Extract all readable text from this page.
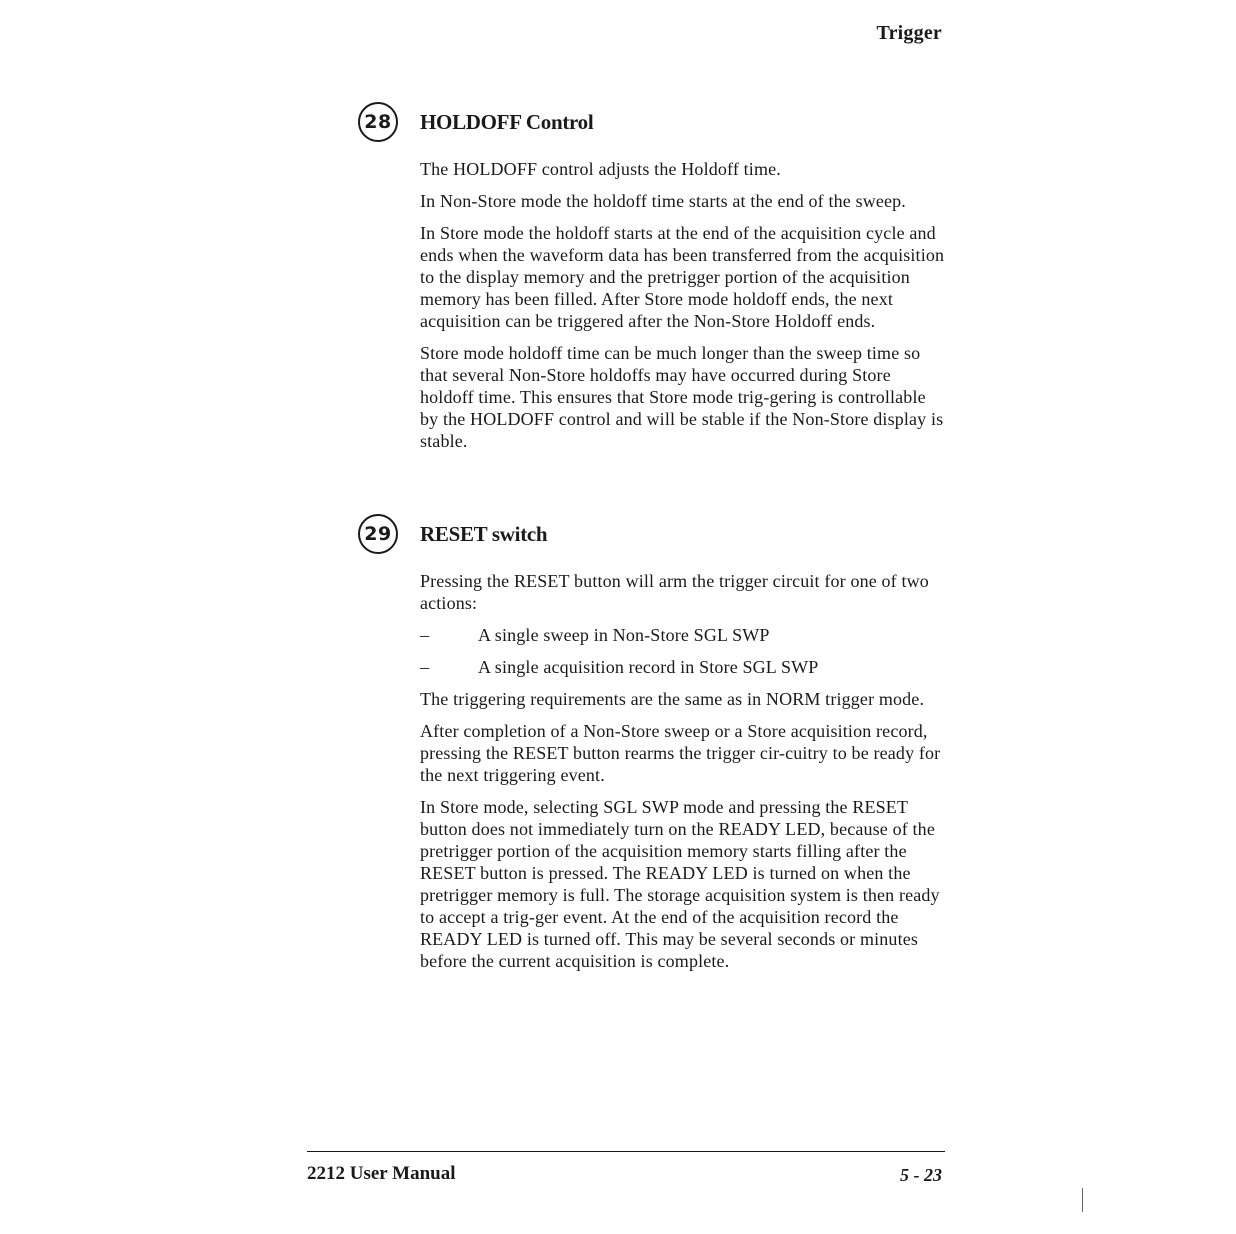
Trigger
28 HOLDOFF Control

The HOLDOFF control adjusts the Holdoff time.

In Non-Store mode the holdoff time starts at the end of the sweep.

In Store mode the holdoff starts at the end of the acquisition cycle and ends when the waveform data has been transferred from the acquisition to the display memory and the pretrigger portion of the acquisition memory has been filled. After Store mode holdoff ends, the next acquisition can be triggered after the Non-Store Holdoff ends.

Store mode holdoff time can be much longer than the sweep time so that several Non-Store holdoffs may have occurred during Store holdoff time. This ensures that Store mode trig-gering is controllable by the HOLDOFF control and will be stable if the Non-Store display is stable.

29 RESET switch

Pressing the RESET button will arm the trigger circuit for one of two actions:

–	A single sweep in Non-Store SGL SWP
–	A single acquisition record in Store SGL SWP

The triggering requirements are the same as in NORM trigger mode.

After completion of a Non-Store sweep or a Store acquisition record, pressing the RESET button rearms the trigger cir-cuitry to be ready for the next triggering event.

In Store mode, selecting SGL SWP mode and pressing the RESET button does not immediately turn on the READY LED, because of the pretrigger portion of the acquisition memory starts filling after the RESET button is pressed. The READY LED is turned on when the pretrigger memory is full. The storage acquisition system is then ready to accept a trig-ger event. At the end of the acquisition record the READY LED is turned off. This may be several seconds or minutes before the current acquisition is complete.

2212 User Manual	5 - 23
